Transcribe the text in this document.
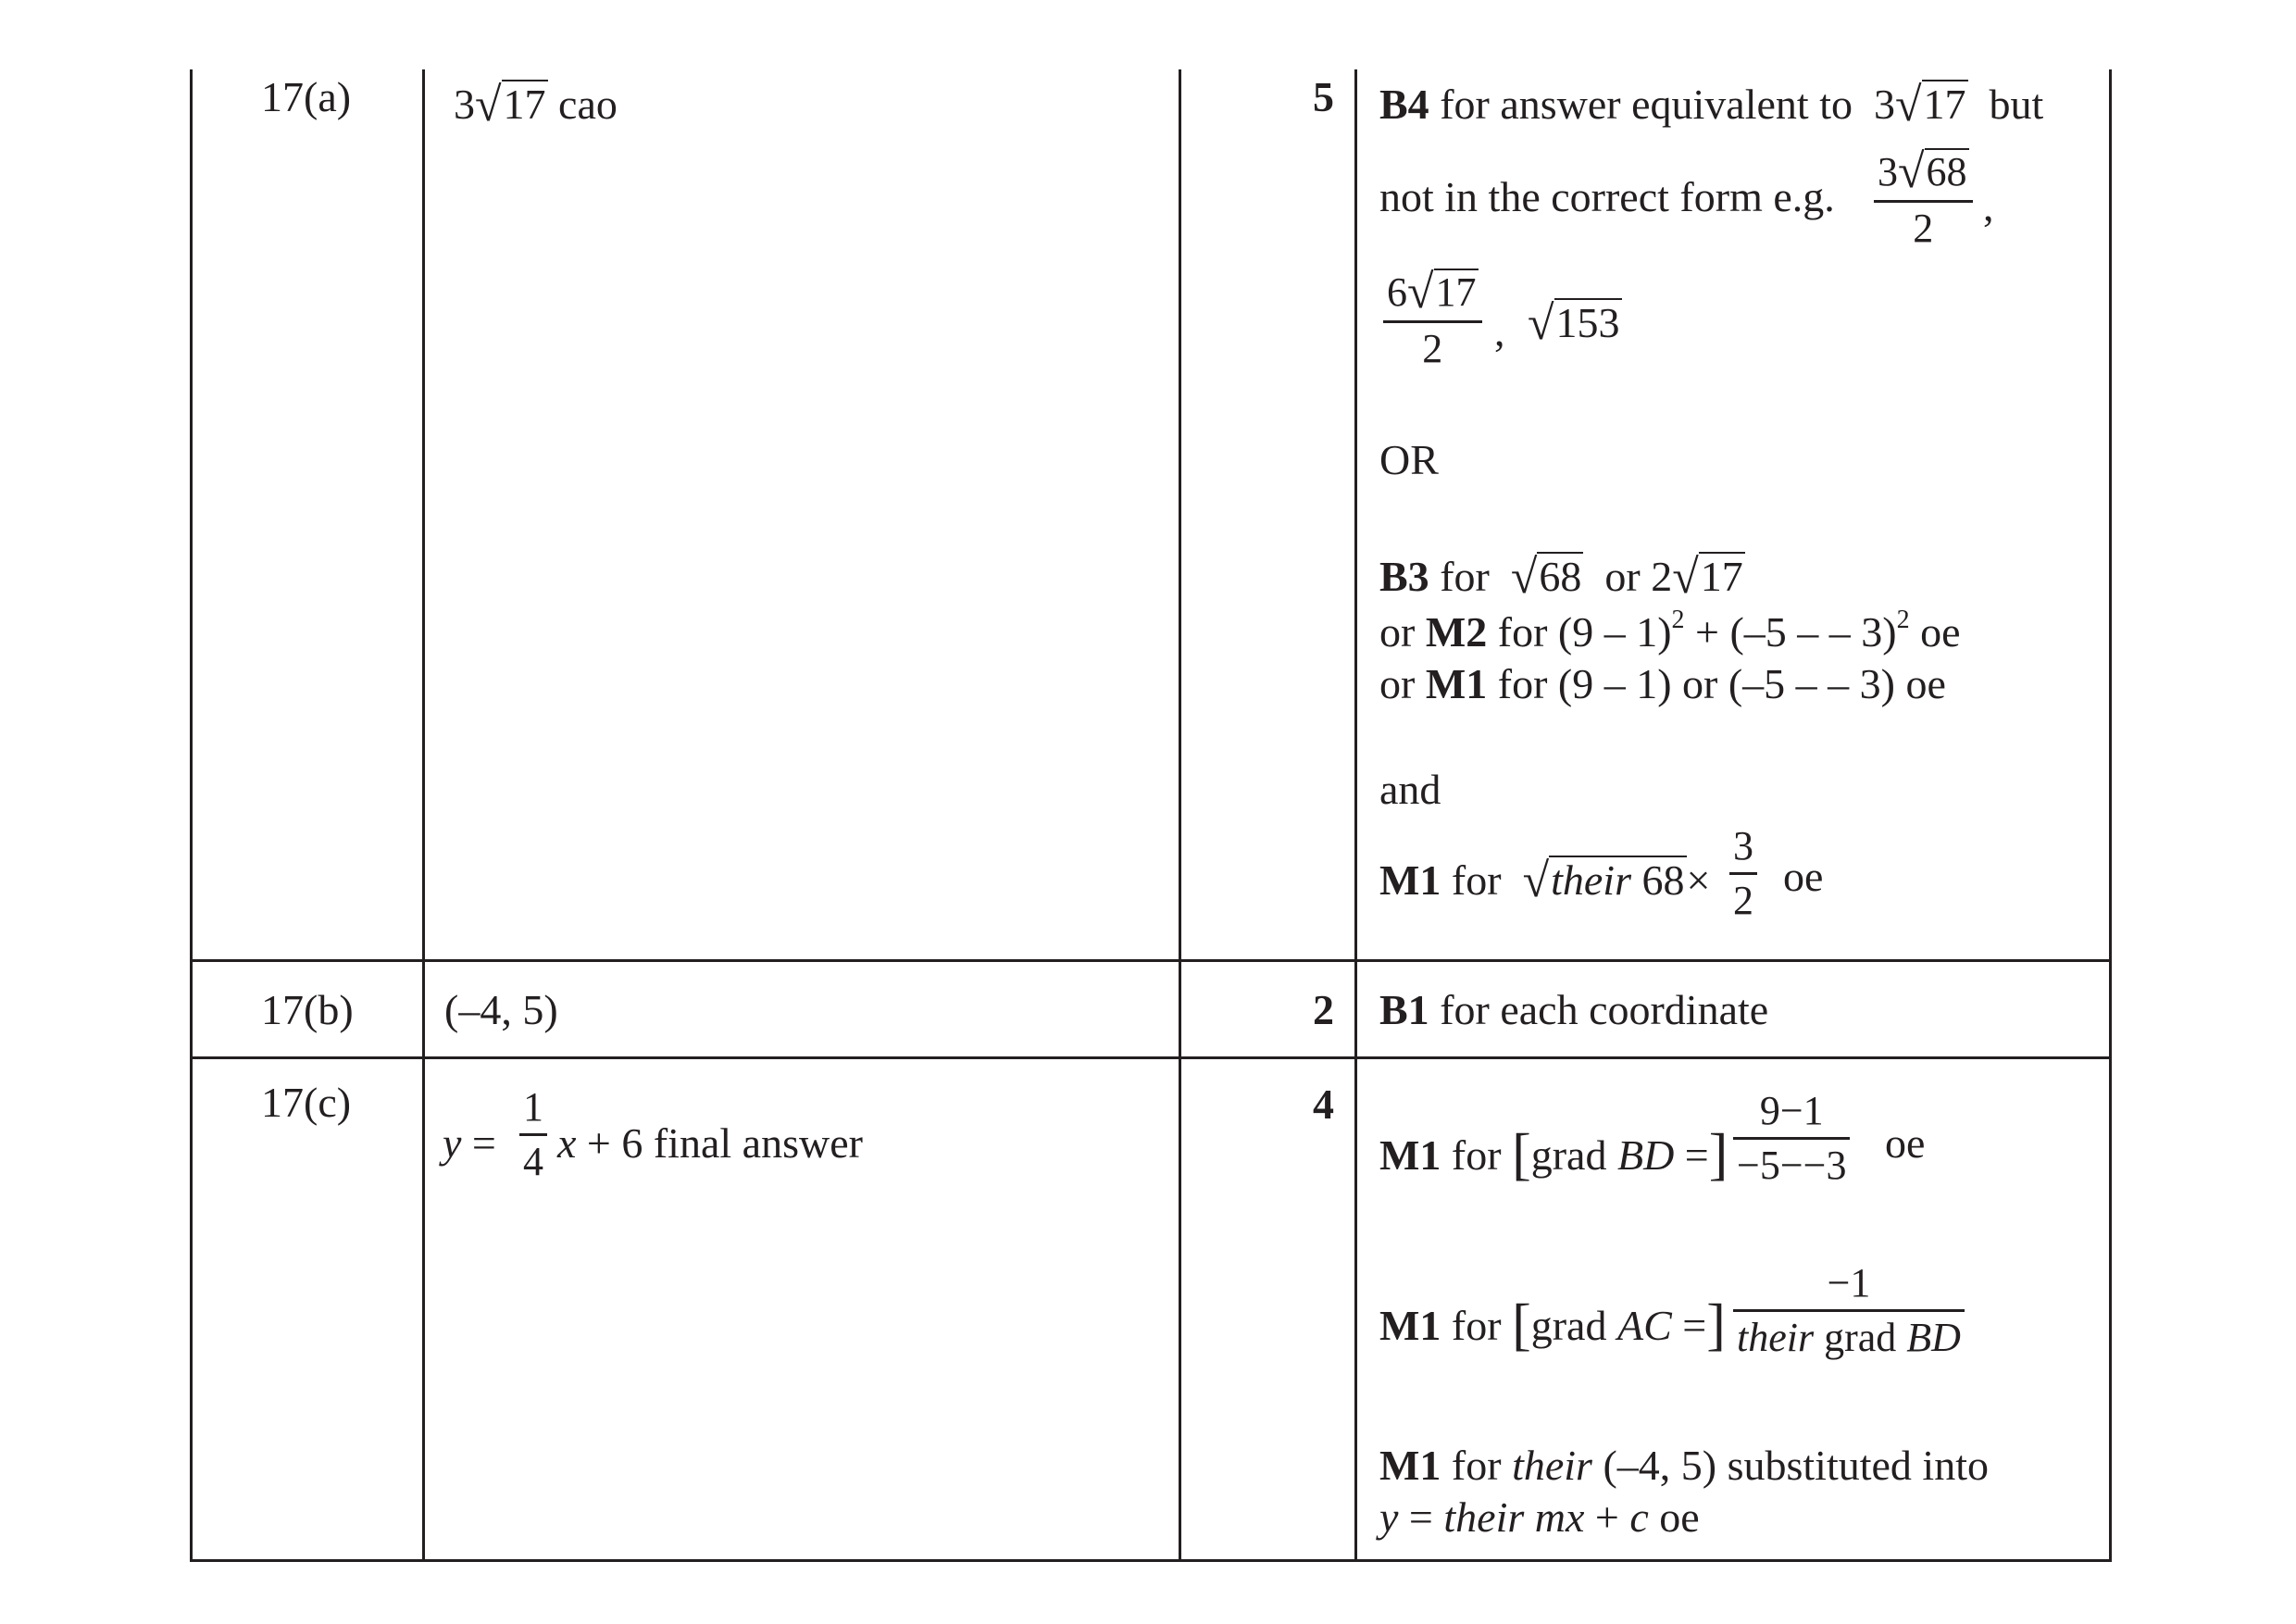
17(a) 3√17 cao	5 B4 for answer equivalent to 3√17 but
not in the correct form e.g.
3√68
2 ,
6√17
2 , √153
OR
B3 for √68 or 2√17
or M2 for (9 – 1)$^2$ + (–5 – – 3)$^2$ oe
or M1 for (9 – 1) or (–5 – – 3) oe
and
M1 for √their 68×
3
2 oe
17(b) (–4, 5)	2 B1 for each coordinate
17(c)
y =
1
4 x + 6 final answer
4
M1 for [grad BD =]
9−1
−5−−3 oe
M1 for [grad AC =]
−1
their grad BD
M1 for their (–4, 5) substituted into
y = their mx + c oe
